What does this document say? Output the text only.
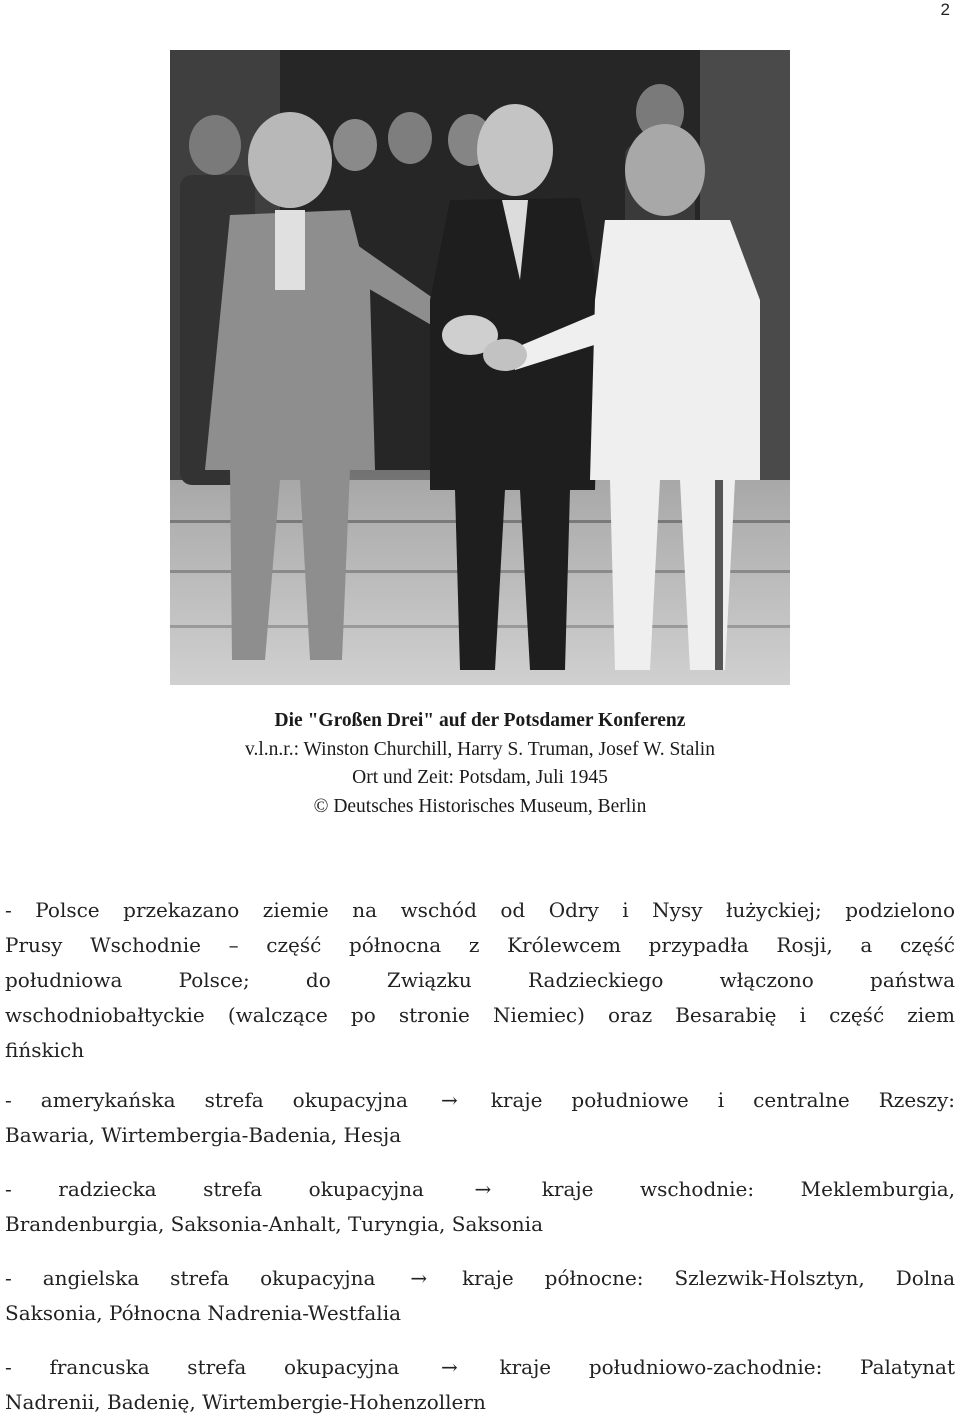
2
Die "Großen Drei" auf der Potsdamer Konferenz
v.l.n.r.: Winston Churchill, Harry S. Truman, Josef W. Stalin
Ort und Zeit: Potsdam, Juli 1945
© Deutsches Historisches Museum, Berlin
- Polsce przekazano ziemie na wschód od Odry i Nysy łużyckiej; podzielono
Prusy Wschodnie – część północna z Królewcem przypadła Rosji, a część
południowa Polsce; do Związku Radzieckiego włączono państwa
wschodniobałtyckie (walczące po stronie Niemiec) oraz Besarabię i część ziem
fińskich
- amerykańska strefa okupacyjna → kraje południowe i centralne Rzeszy:
Bawaria, Wirtembergia-Badenia, Hesja
- radziecka strefa okupacyjna	→	kraje wschodnie: Meklemburgia,
Brandenburgia, Saksonia-Anhalt, Turyngia, Saksonia
- angielska strefa okupacyjna → kraje północne: Szlezwik-Holsztyn, Dolna
Saksonia, Północna Nadrenia-Westfalia
- francuska strefa okupacyjna → kraje południowo-zachodnie: Palatynat
Nadrenii, Badenię, Wirtembergie-Hohenzollern
